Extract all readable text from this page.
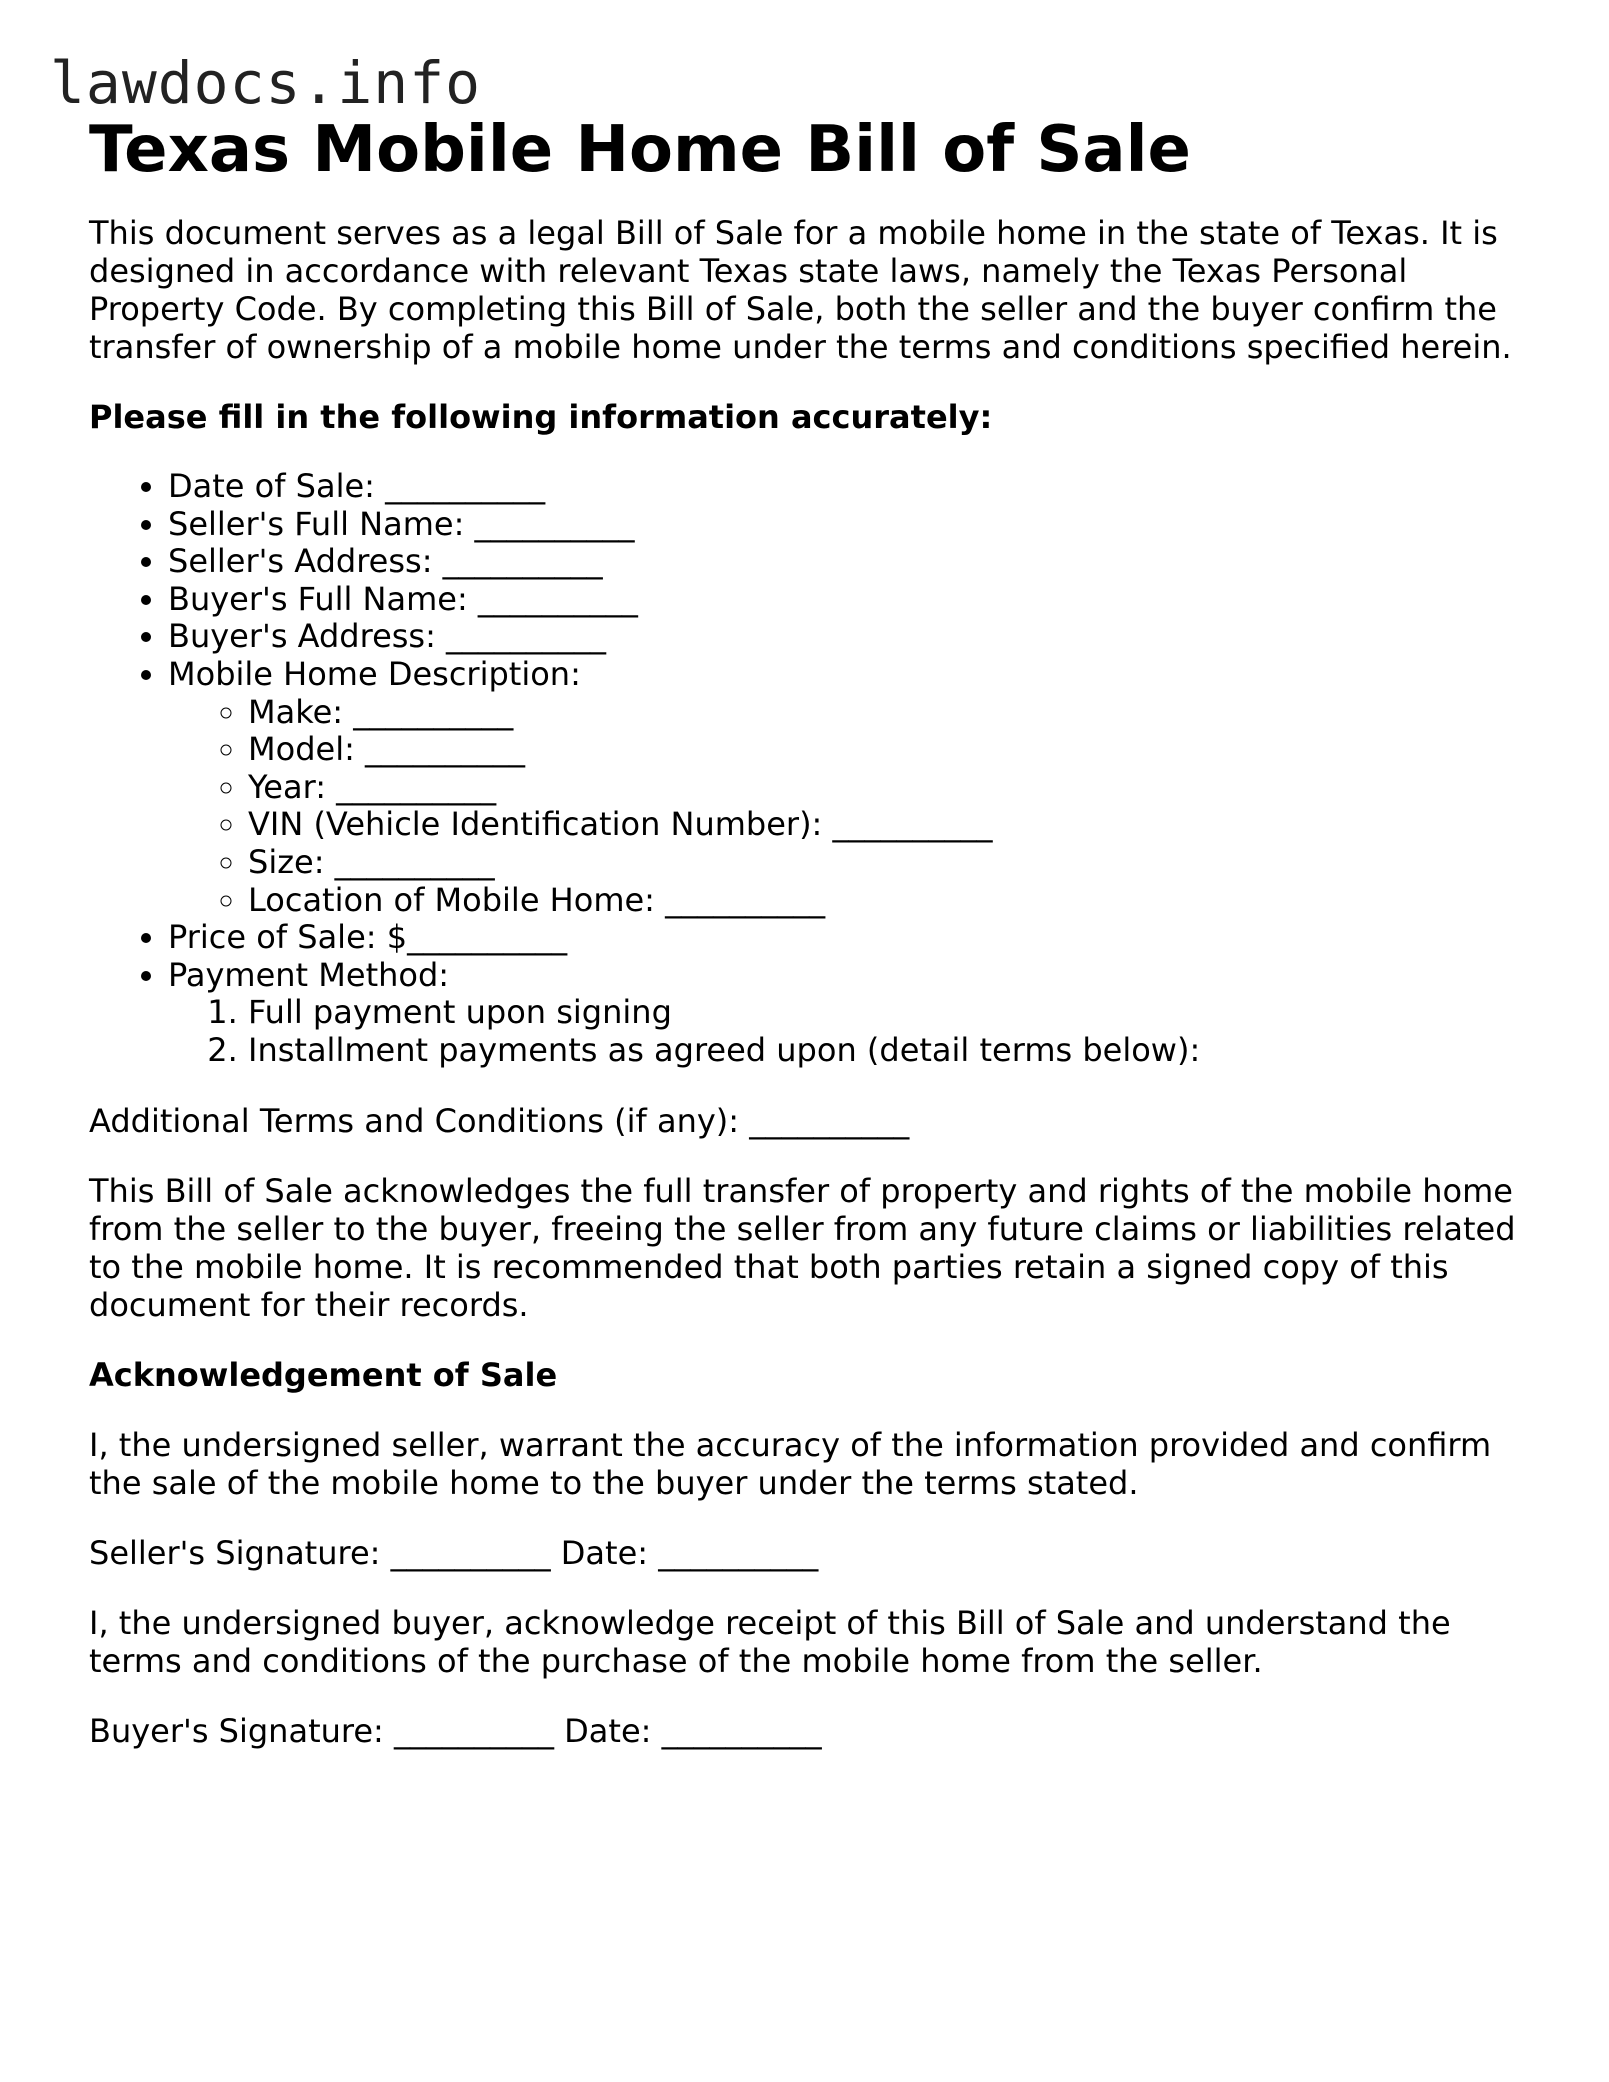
lawdocs.info
Texas Mobile Home Bill of Sale

This document serves as a legal Bill of Sale for a mobile home in the state of Texas. It is designed in accordance with relevant Texas state laws, namely the Texas Personal Property Code. By completing this Bill of Sale, both the seller and the buyer confirm the transfer of ownership of a mobile home under the terms and conditions specified herein.

Please fill in the following information accurately:

• Date of Sale: __________
• Seller's Full Name: __________
• Seller's Address: __________
• Buyer's Full Name: __________
• Buyer's Address: __________
• Mobile Home Description:
◦ Make: __________
◦ Model: __________
◦ Year: __________
◦ VIN (Vehicle Identification Number): __________
◦ Size: __________
◦ Location of Mobile Home: __________
• Price of Sale: $__________
• Payment Method:
1. Full payment upon signing
2. Installment payments as agreed upon (detail terms below):

Additional Terms and Conditions (if any): __________

This Bill of Sale acknowledges the full transfer of property and rights of the mobile home from the seller to the buyer, freeing the seller from any future claims or liabilities related to the mobile home. It is recommended that both parties retain a signed copy of this document for their records.

Acknowledgement of Sale

I, the undersigned seller, warrant the accuracy of the information provided and confirm the sale of the mobile home to the buyer under the terms stated.

Seller's Signature: __________ Date: __________

I, the undersigned buyer, acknowledge receipt of this Bill of Sale and understand the terms and conditions of the purchase of the mobile home from the seller.

Buyer's Signature: __________ Date: __________
